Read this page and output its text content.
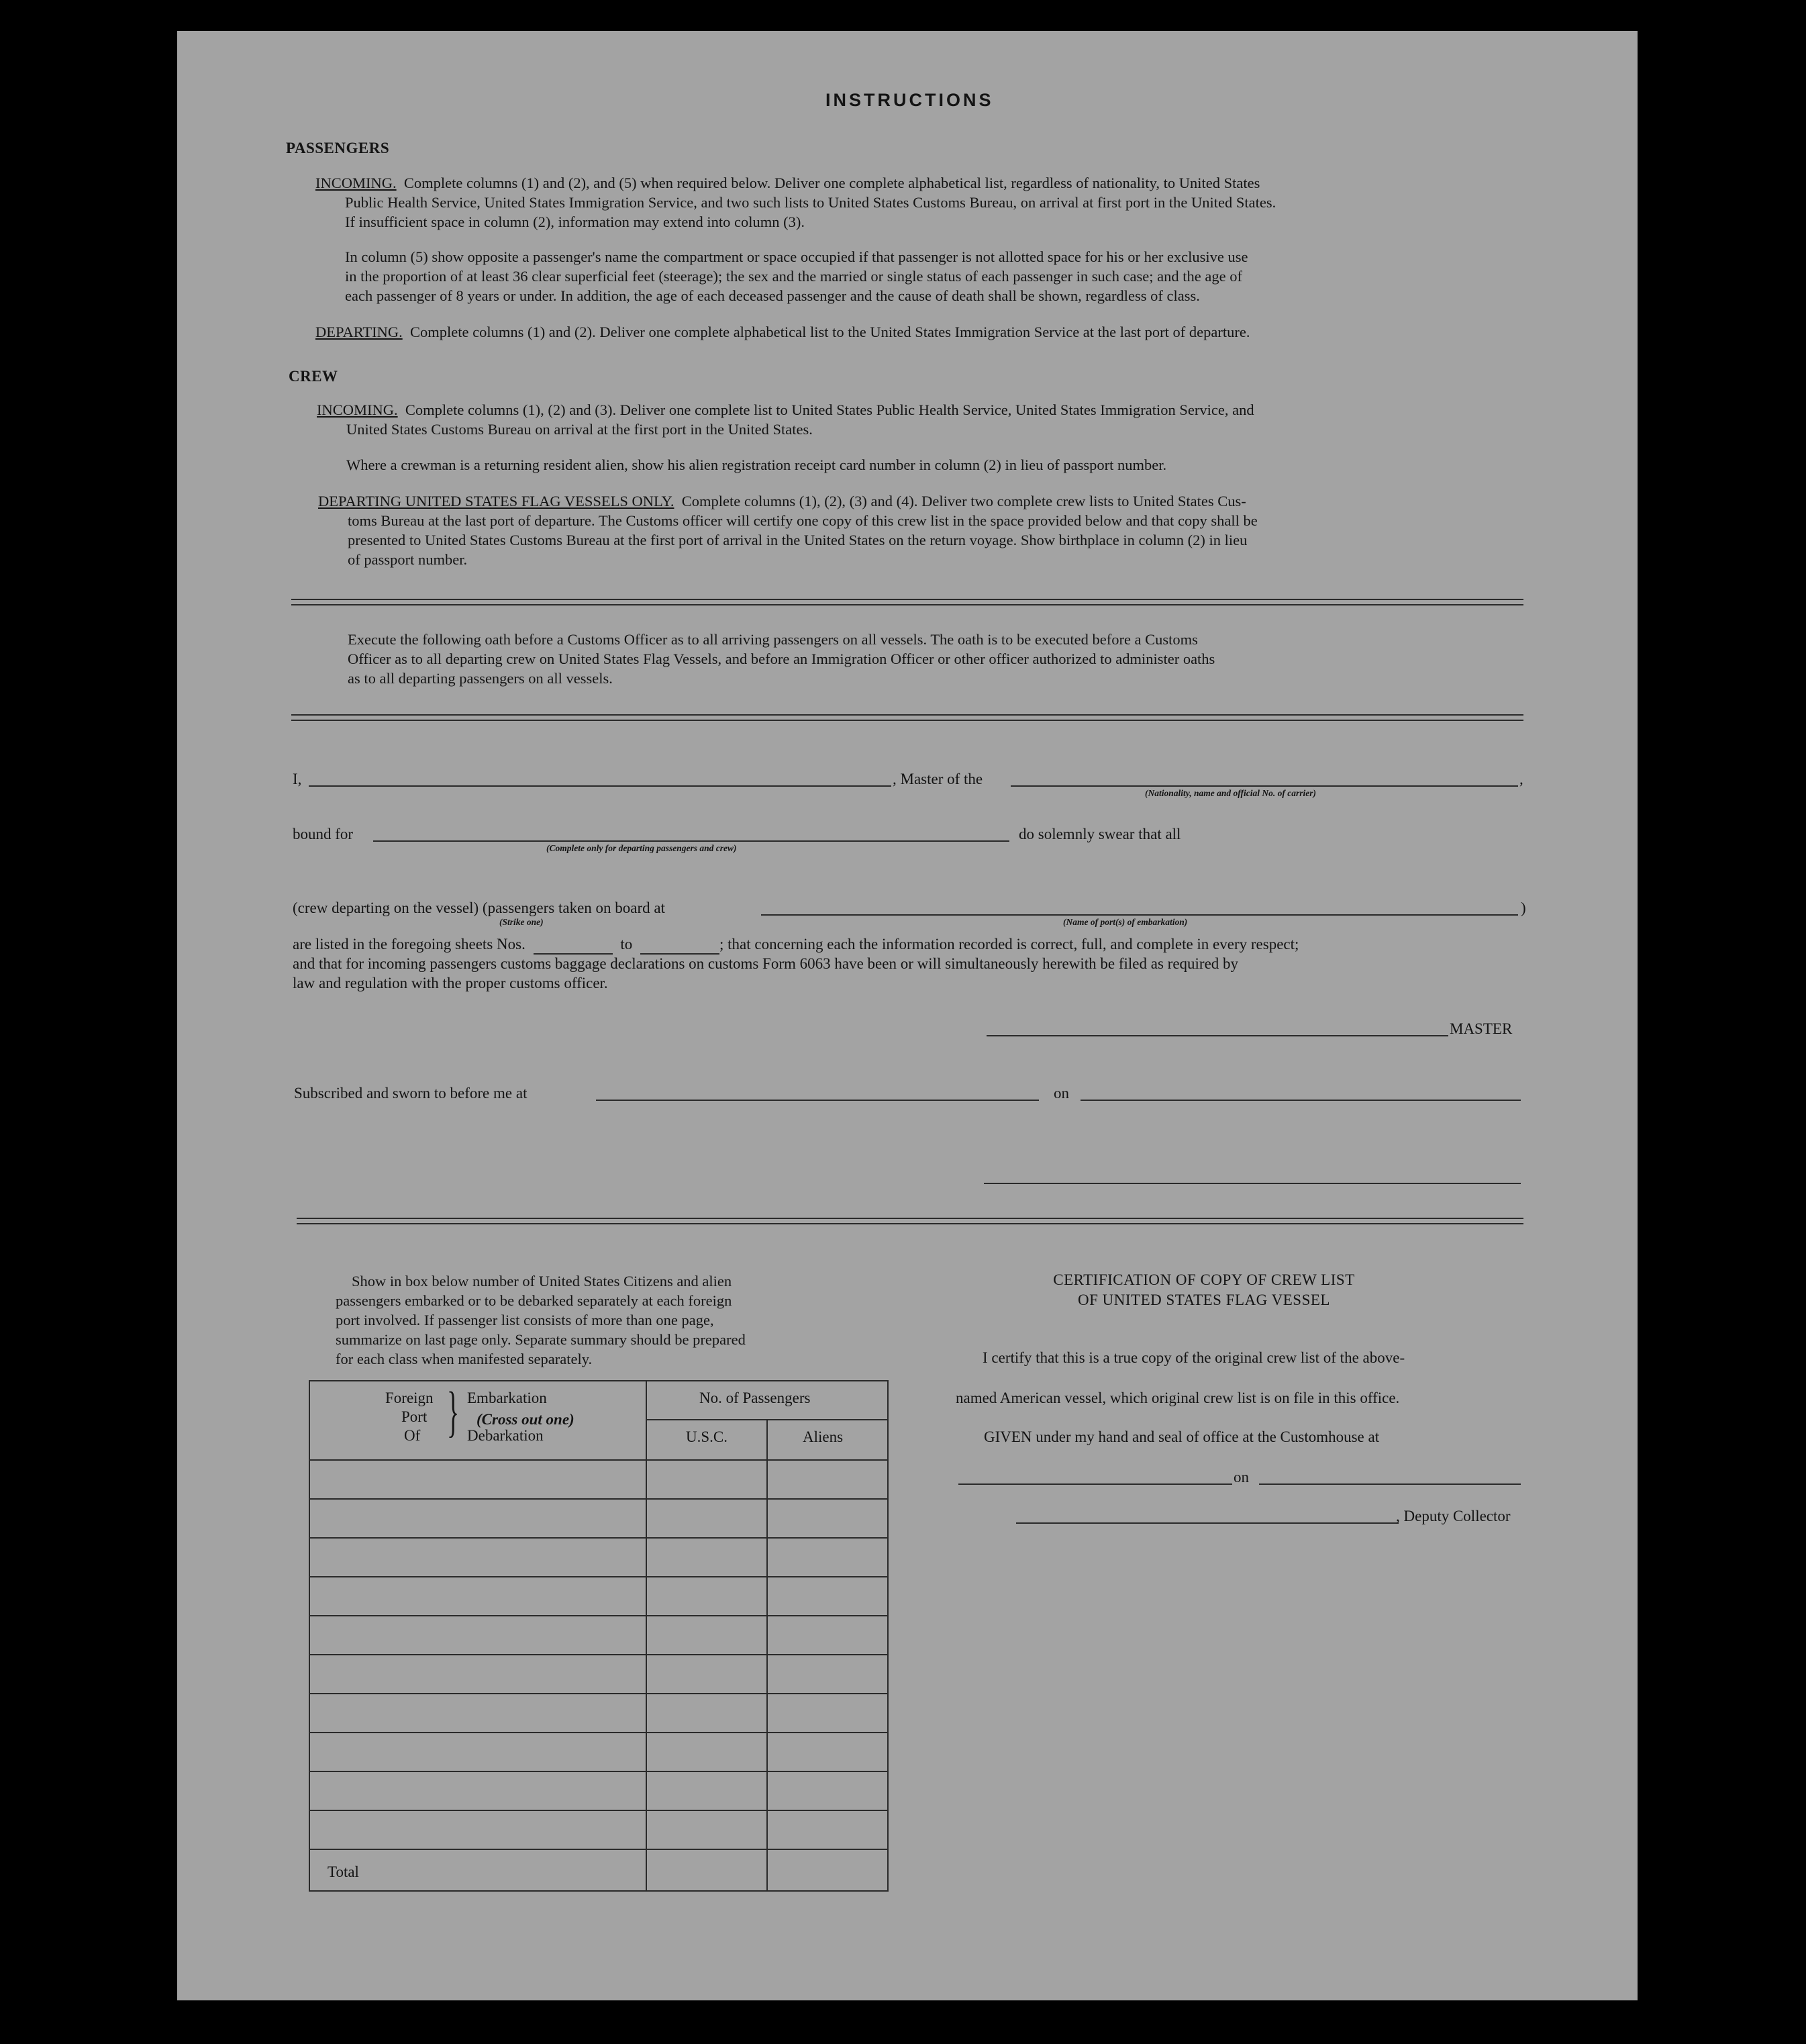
INSTRUCTIONS
PASSENGERS
INCOMING. Complete columns (1) and (2), and (5) when required below. Deliver one complete alphabetical list, regardless of nationality, to United States
Public Health Service, United States Immigration Service, and two such lists to United States Customs Bureau, on arrival at first port in the United States.
If insufficient space in column (2), information may extend into column (3).
In column (5) show opposite a passenger's name the compartment or space occupied if that passenger is not allotted space for his or her exclusive use
in the proportion of at least 36 clear superficial feet (steerage); the sex and the married or single status of each passenger in such case; and the age of
each passenger of 8 years or under. In addition, the age of each deceased passenger and the cause of death shall be shown, regardless of class.
DEPARTING. Complete columns (1) and (2). Deliver one complete alphabetical list to the United States Immigration Service at the last port of departure.
CREW
INCOMING. Complete columns (1), (2) and (3). Deliver one complete list to United States Public Health Service, United States Immigration Service, and
United States Customs Bureau on arrival at the first port in the United States.
Where a crewman is a returning resident alien, show his alien registration receipt card number in column (2) in lieu of passport number.
DEPARTING UNITED STATES FLAG VESSELS ONLY. Complete columns (1), (2), (3) and (4). Deliver two complete crew lists to United States Cus-
toms Bureau at the last port of departure. The Customs officer will certify one copy of this crew list in the space provided below and that copy shall be
presented to United States Customs Bureau at the first port of arrival in the United States on the return voyage. Show birthplace in column (2) in lieu
of passport number.
Execute the following oath before a Customs Officer as to all arriving passengers on all vessels. The oath is to be executed before a Customs
Officer as to all departing crew on United States Flag Vessels, and before an Immigration Officer or other officer authorized to administer oaths
as to all departing passengers on all vessels.
I,	, Master of the	,
(Nationality, name and official No. of carrier)
bound for
(Complete only for departing passengers and crew)
do solemnly swear that all
(crew departing on the vessel) (passengers taken on board at	)
(Strike one)	(Name of port(s) of embarkation)
are listed in the foregoing sheets Nos.	to	; that concerning each the information recorded is correct, full, and complete in every respect;
and that for incoming passengers customs baggage declarations on customs Form 6063 have been or will simultaneously herewith be filed as required by
law and regulation with the proper customs officer.
MASTER
Subscribed and sworn to before me at	on
Show in box below number of United States Citizens and alien
passengers embarked or to be debarked separately at each foreign
port involved. If passenger list consists of more than one page,
summarize on last page only. Separate summary should be prepared
for each class when manifested separately.
Foreign
Port
Of } Embarkation
(Cross out one)
Debarkation
No. of Passengers
U.S.C.	Aliens
Total
CERTIFICATION OF COPY OF CREW LIST
OF UNITED STATES FLAG VESSEL
I certify that this is a true copy of the original crew list of the above-
named American vessel, which original crew list is on file in this office.
GIVEN under my hand and seal of office at the Customhouse at
on
, Deputy Collector
